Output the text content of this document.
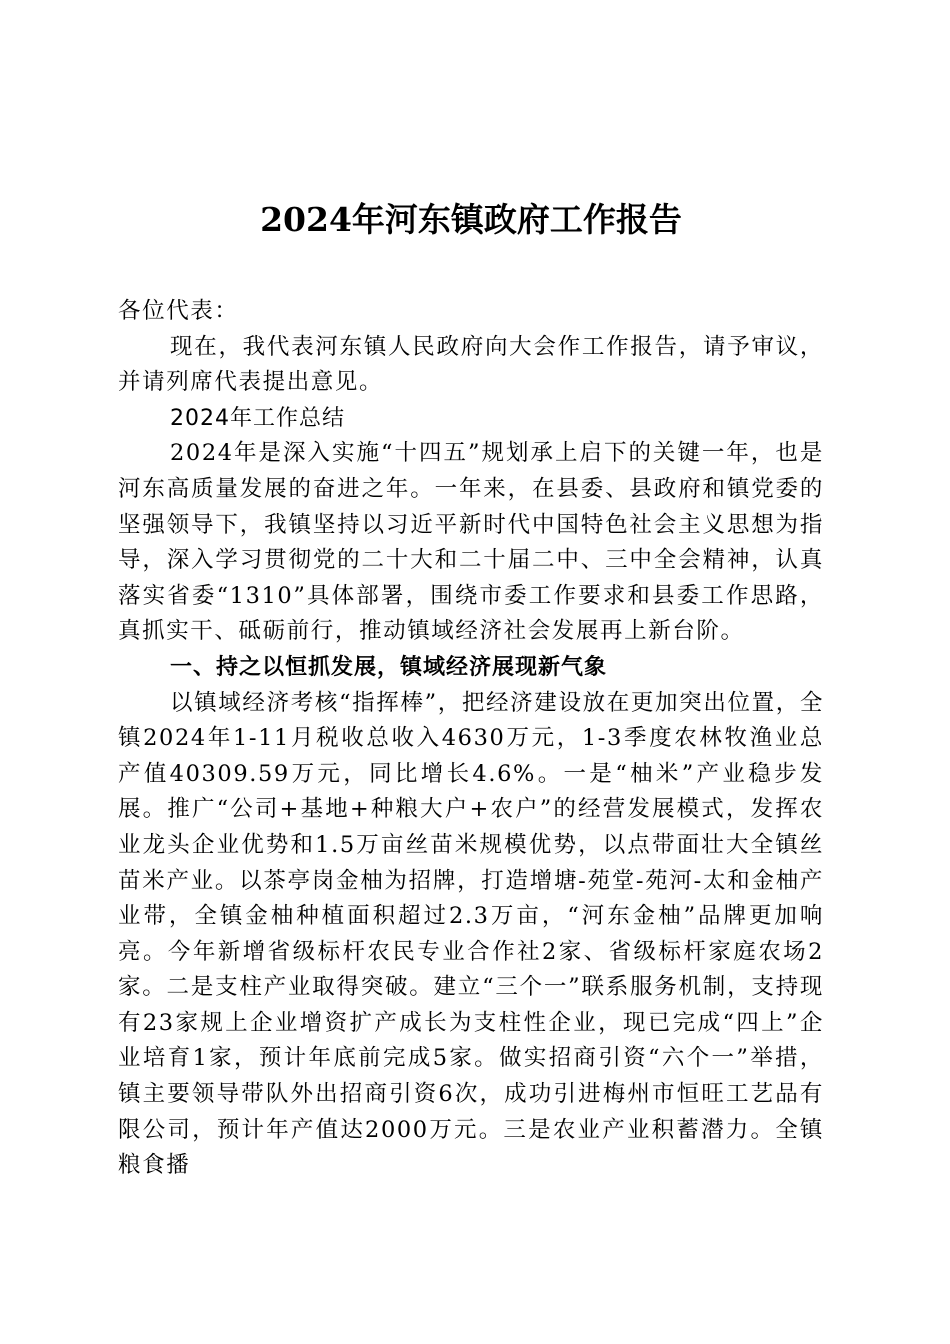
2024年河东镇政府工作报告

各位代表：

现在，我代表河东镇人民政府向大会作工作报告，请予审议，并请列席代表提出意见。

2024年工作总结

2024年是深入实施“十四五”规划承上启下的关键一年，也是河东高质量发展的奋进之年。一年来，在县委、县政府和镇党委的坚强领导下，我镇坚持以习近平新时代中国特色社会主义思想为指导，深入学习贯彻党的二十大和二十届二中、三中全会精神，认真落实省委“1310”具体部署，围绕市委工作要求和县委工作思路，真抓实干、砥砺前行，推动镇域经济社会发展再上新台阶。

一、持之以恒抓发展，镇域经济展现新气象

以镇域经济考核“指挥棒”，把经济建设放在更加突出位置，全镇2024年1-11月税收总收入4630万元，1-3季度农林牧渔业总产值40309.59万元，同比增长4.6%。一是“柚米”产业稳步发展。推广“公司+基地+种粮大户+农户”的经营发展模式，发挥农业龙头企业优势和1.5万亩丝苗米规模优势，以点带面壮大全镇丝苗米产业。以茶亭岗金柚为招牌，打造增塘-苑堂-苑河-太和金柚产业带，全镇金柚种植面积超过2.3万亩，“河东金柚”品牌更加响亮。今年新增省级标杆农民专业合作社2家、省级标杆家庭农场2家。二是支柱产业取得突破。建立“三个一”联系服务机制，支持现有23家规上企业增资扩产成长为支柱性企业，现已完成“四上”企业培育1家，预计年底前完成5家。做实招商引资“六个一”举措，镇主要领导带队外出招商引资6次，成功引进梅州市恒旺工艺品有限公司，预计年产值达2000万元。三是农业产业积蓄潜力。全镇粮食播
